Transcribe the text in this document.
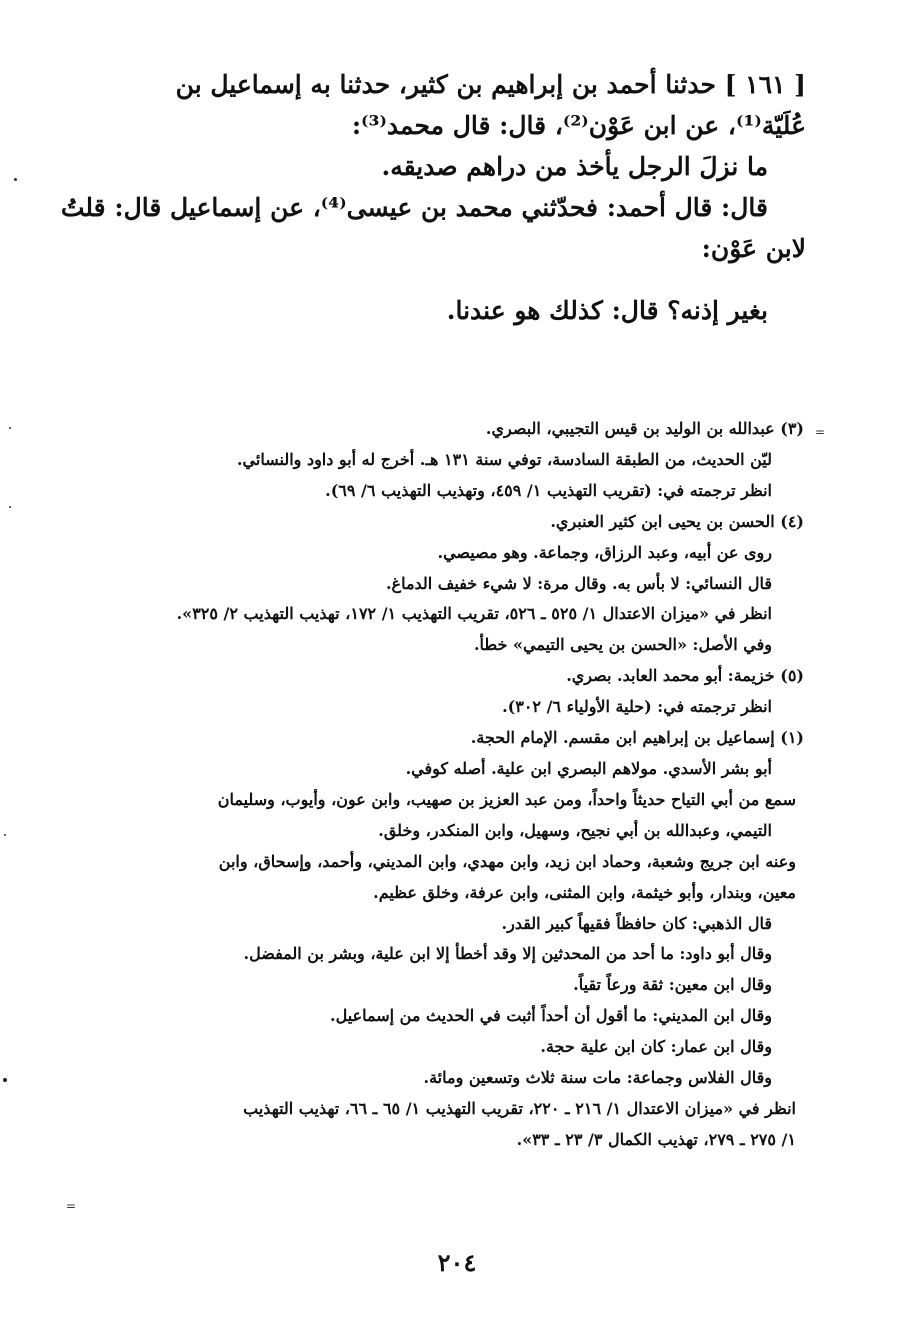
[ ١٦١ ] حدثنا أحمد بن إبراهيم بن كثير، حدثنا به إسماعيل بن
عُلَيّة⁽¹⁾، عن ابن عَوْن⁽²⁾، قال: قال محمد⁽³⁾:
ما نزلَ الرجل يأخذ من دراهم صديقه.
قال: قال أحمد: فحدّثني محمد بن عيسى⁽⁴⁾، عن إسماعيل قال: قلتُ
لابن عَوْن:
بغير إذنه؟ قال: كذلك هو عندنا.
(٣) عبدالله بن الوليد بن قيس التجيبي، البصري.
ليّن الحديث، من الطبقة السادسة، توفي سنة ١٣١ هـ. أخرج له أبو داود والنسائي.
انظر ترجمته في: (تقريب التهذيب ١/ ٤٥٩، وتهذيب التهذيب ٦/ ٦٩).
(٤) الحسن بن يحيى ابن كثير العنبري.
روى عن أبيه، وعبد الرزاق، وجماعة. وهو مصيصي.
قال النسائي: لا بأس به. وقال مرة: لا شيء خفيف الدماغ.
انظر في «ميزان الاعتدال ١/ ٥٢٥ ـ ٥٢٦، تقريب التهذيب ١/ ١٧٢، تهذيب التهذيب ٢/ ٣٢٥».
وفي الأصل: «الحسن بن يحيى التيمي» خطأ.
(٥) خزيمة: أبو محمد العابد. بصري.
انظر ترجمته في: (حلية الأولياء ٦/ ٣٠٢).
(١) إسماعيل بن إبراهيم ابن مقسم. الإمام الحجة.
أبو بشر الأسدي. مولاهم البصري ابن علية. أصله كوفي.
سمع من أبي التياح حديثاً واحداً، ومن عبد العزيز بن صهيب، وابن عون، وأيوب، وسليمان
التيمي، وعبدالله بن أبي نجيح، وسهيل، وابن المنكدر، وخلق.
وعنه ابن جريج وشعبة، وحماد ابن زيد، وابن مهدي، وابن المديني، وأحمد، وإسحاق، وابن
معين، وبندار، وأبو خيثمة، وابن المثنى، وابن عرفة، وخلق عظيم.
قال الذهبي: كان حافظاً فقيهاً كبير القدر.
وقال أبو داود: ما أحد من المحدثين إلا وقد أخطأ إلا ابن علية، وبشر بن المفضل.
وقال ابن معين: ثقة ورعاً تقياً.
وقال ابن المديني: ما أقول أن أحداً أثبت في الحديث من إسماعيل.
وقال ابن عمار: كان ابن علية حجة.
وقال الفلاس وجماعة: مات سنة ثلاث وتسعين ومائة.
انظر في «ميزان الاعتدال ١/ ٢١٦ ـ ٢٢٠، تقريب التهذيب ١/ ٦٥ ـ ٦٦، تهذيب التهذيب
١/ ٢٧٥ ـ ٢٧٩، تهذيب الكمال ٣/ ٢٣ ـ ٣٣».
٢٠٤
=
=
